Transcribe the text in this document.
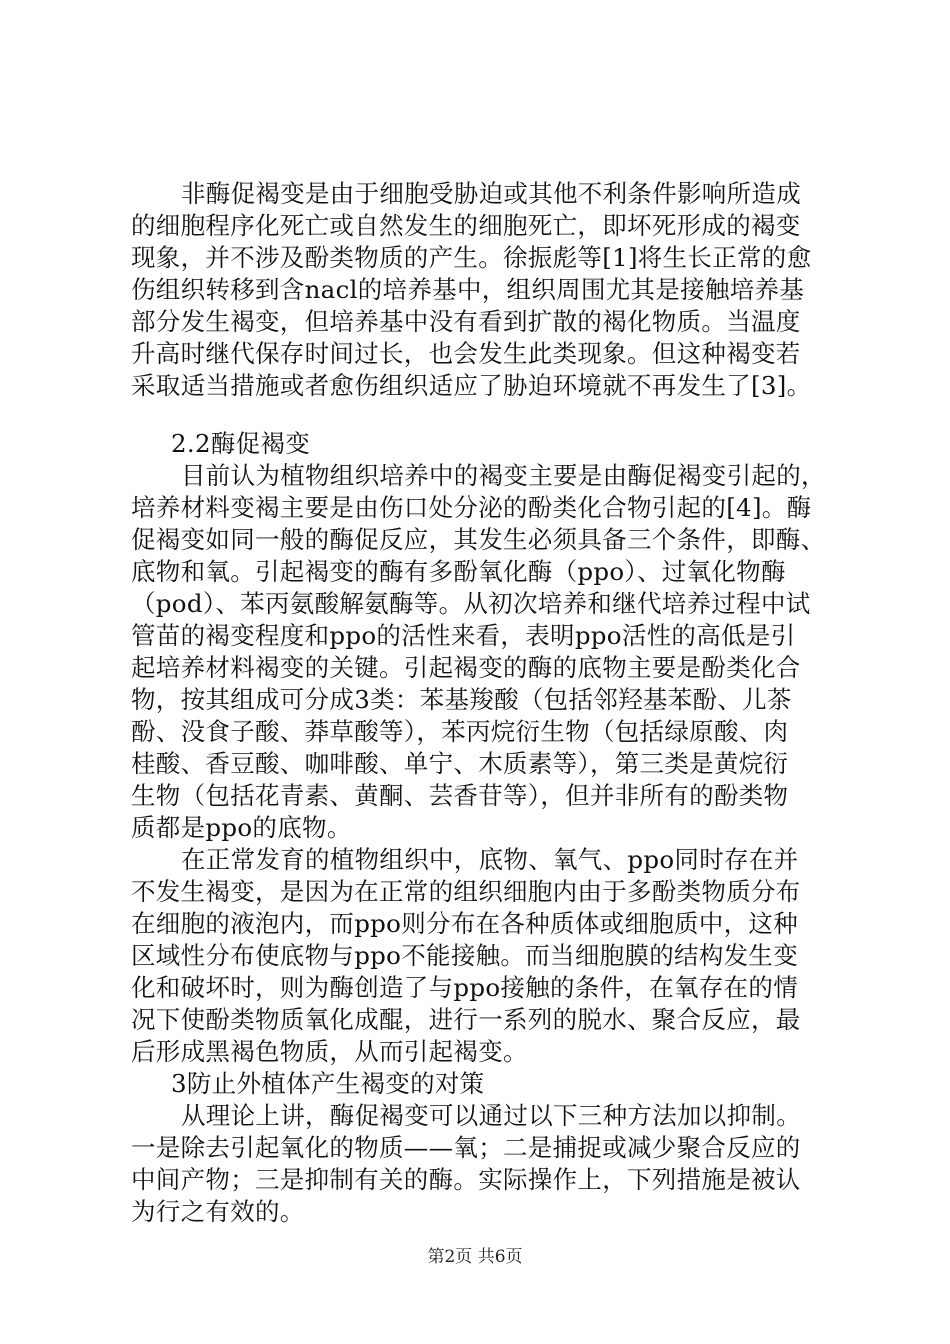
非酶促褐变是由于细胞受胁迫或其他不利条件影响所造成
的细胞程序化死亡或自然发生的细胞死亡，即坏死形成的褐变
现象，并不涉及酚类物质的产生。徐振彪等[1]将生长正常的愈
伤组织转移到含nacl的培养基中，组织周围尤其是接触培养基
部分发生褐变，但培养基中没有看到扩散的褐化物质。当温度
升高时继代保存时间过长，也会发生此类现象。但这种褐变若
采取适当措施或者愈伤组织适应了胁迫环境就不再发生了[3]。
2.2酶促褐变
目前认为植物组织培养中的褐变主要是由酶促褐变引起的，
培养材料变褐主要是由伤口处分泌的酚类化合物引起的[4]。酶
促褐变如同一般的酶促反应，其发生必须具备三个条件，即酶、
底物和氧。引起褐变的酶有多酚氧化酶（ppo）、过氧化物酶
（pod）、苯丙氨酸解氨酶等。从初次培养和继代培养过程中试
管苗的褐变程度和ppo的活性来看，表明ppo活性的高低是引
起培养材料褐变的关键。引起褐变的酶的底物主要是酚类化合
物，按其组成可分成3类：苯基羧酸（包括邻羟基苯酚、儿茶
酚、没食子酸、莽草酸等），苯丙烷衍生物（包括绿原酸、肉
桂酸、香豆酸、咖啡酸、单宁、木质素等），第三类是黄烷衍
生物（包括花青素、黄酮、芸香苷等），但并非所有的酚类物
质都是ppo的底物。
在正常发育的植物组织中，底物、氧气、ppo同时存在并
不发生褐变，是因为在正常的组织细胞内由于多酚类物质分布
在细胞的液泡内，而ppo则分布在各种质体或细胞质中，这种
区域性分布使底物与ppo不能接触。而当细胞膜的结构发生变
化和破坏时，则为酶创造了与ppo接触的条件，在氧存在的情
况下使酚类物质氧化成醌，进行一系列的脱水、聚合反应，最
后形成黑褐色物质，从而引起褐变。
3防止外植体产生褐变的对策
从理论上讲，酶促褐变可以通过以下三种方法加以抑制。
一是除去引起氧化的物质——氧；二是捕捉或减少聚合反应的
中间产物；三是抑制有关的酶。实际操作上，下列措施是被认
为行之有效的。
第2页 共6页
